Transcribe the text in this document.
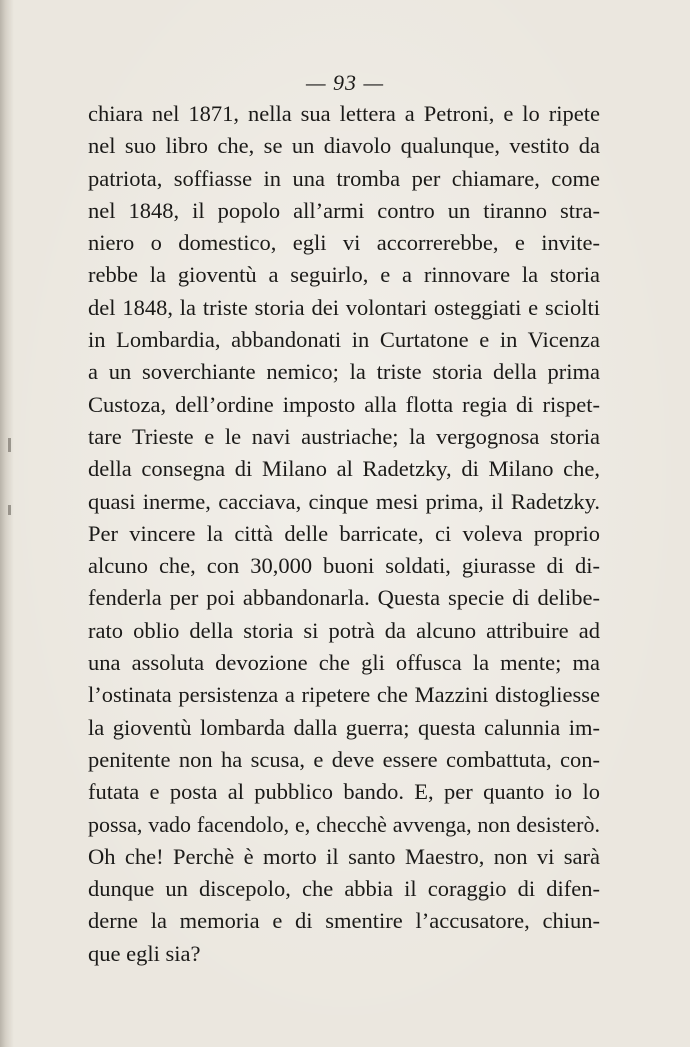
— 93 —
chiara nel 1871, nella sua lettera a Petroni, e lo ripete
nel suo libro che, se un diavolo qualunque, vestito da
patriota, soffiasse in una tromba per chiamare, come
nel 1848, il popolo all’armi contro un tiranno stra-
niero o domestico, egli vi accorrerebbe, e invite-
rebbe la gioventù a seguirlo, e a rinnovare la storia
del 1848, la triste storia dei volontari osteggiati e sciolti
in Lombardia, abbandonati in Curtatone e in Vicenza
a un soverchiante nemico; la triste storia della prima
Custoza, dell’ordine imposto alla flotta regia di rispet-
tare Trieste e le navi austriache; la vergognosa storia
della consegna di Milano al Radetzky, di Milano che,
quasi inerme, cacciava, cinque mesi prima, il Radetzky.
Per vincere la città delle barricate, ci voleva proprio
alcuno che, con 30,000 buoni soldati, giurasse di di-
fenderla per poi abbandonarla. Questa specie di delibe-
rato oblio della storia si potrà da alcuno attribuire ad
una assoluta devozione che gli offusca la mente; ma
l’ostinata persistenza a ripetere che Mazzini distogliesse
la gioventù lombarda dalla guerra; questa calunnia im-
penitente non ha scusa, e deve essere combattuta, con-
futata e posta al pubblico bando. E, per quanto io lo
possa, vado facendolo, e, checchè avvenga, non desisterò.
Oh che! Perchè è morto il santo Maestro, non vi sarà
dunque un discepolo, che abbia il coraggio di difen-
derne la memoria e di smentire l’accusatore, chiun-
que egli sia?
